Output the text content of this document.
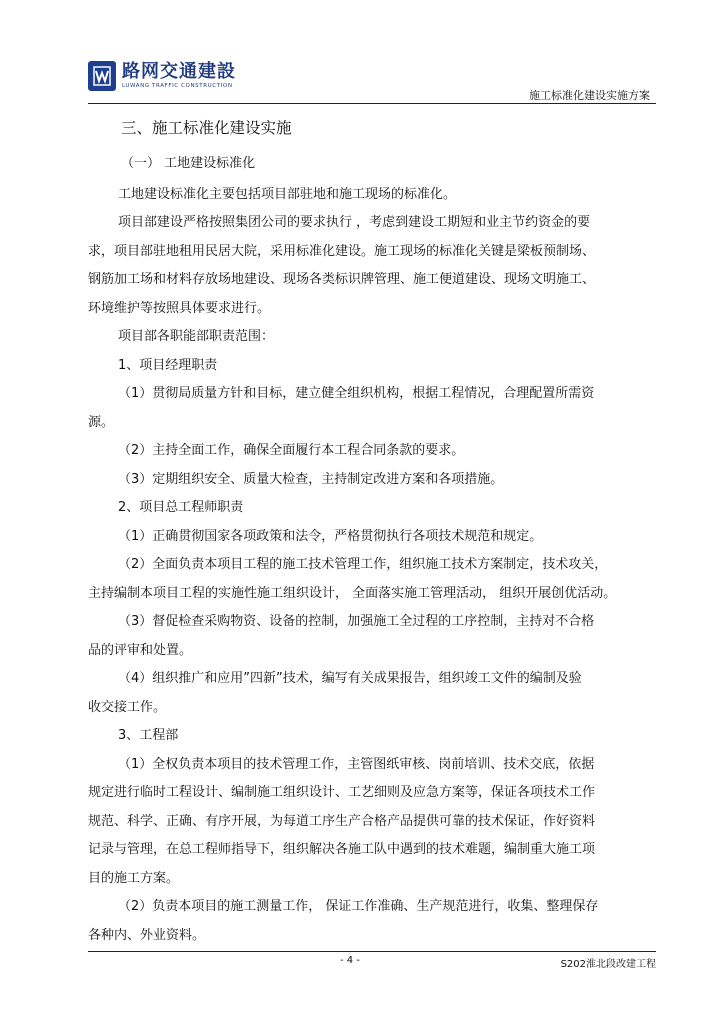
路网交通建設
LUWANG TRAFFIC CONSTRUCTION
施工标准化建设实施方案

三、施工标准化建设实施

（一） 工地建设标准化

工地建设标准化主要包括项目部驻地和施工现场的标准化。

项目部建设严格按照集团公司的要求执行 ，考虑到建设工期短和业主节约资金的要

求，项目部驻地租用民居大院，采用标准化建设。施工现场的标准化关键是梁板预制场、

钢筋加工场和材料存放场地建设、现场各类标识牌管理、施工便道建设、现场文明施工、

环境维护等按照具体要求进行。

项目部各职能部职责范围：

1、项目经理职责

（1）贯彻局质量方针和目标，建立健全组织机构，根据工程情况，合理配置所需资

源。

（2）主持全面工作，确保全面履行本工程合同条款的要求。

（3）定期组织安全、质量大检查，主持制定改进方案和各项措施。

2、项目总工程师职责

（1）正确贯彻国家各项政策和法令，严格贯彻执行各项技术规范和规定。

（2）全面负责本项目工程的施工技术管理工作，组织施工技术方案制定，技术攻关，

主持编制本项目工程的实施性施工组织设计， 全面落实施工管理活动， 组织开展创优活动。

（3）督促检查采购物资、设备的控制，加强施工全过程的工序控制，主持对不合格

品的评审和处置。

（4）组织推广和应用”四新”技术，编写有关成果报告，组织竣工文件的编制及验

收交接工作。

3、工程部

（1）全权负责本项目的技术管理工作，主管图纸审核、岗前培训、技术交底，依据

规定进行临时工程设计、编制施工组织设计、工艺细则及应急方案等，保证各项技术工作

规范、科学、正确、有序开展，为每道工序生产合格产品提供可靠的技术保证，作好资料

记录与管理，在总工程师指导下，组织解决各施工队中遇到的技术难题，编制重大施工项

目的施工方案。

（2）负责本项目的施工测量工作， 保证工作准确、生产规范进行，收集、整理保存

各种内、外业资料。

- 4 -	S202淮北段改建工程
